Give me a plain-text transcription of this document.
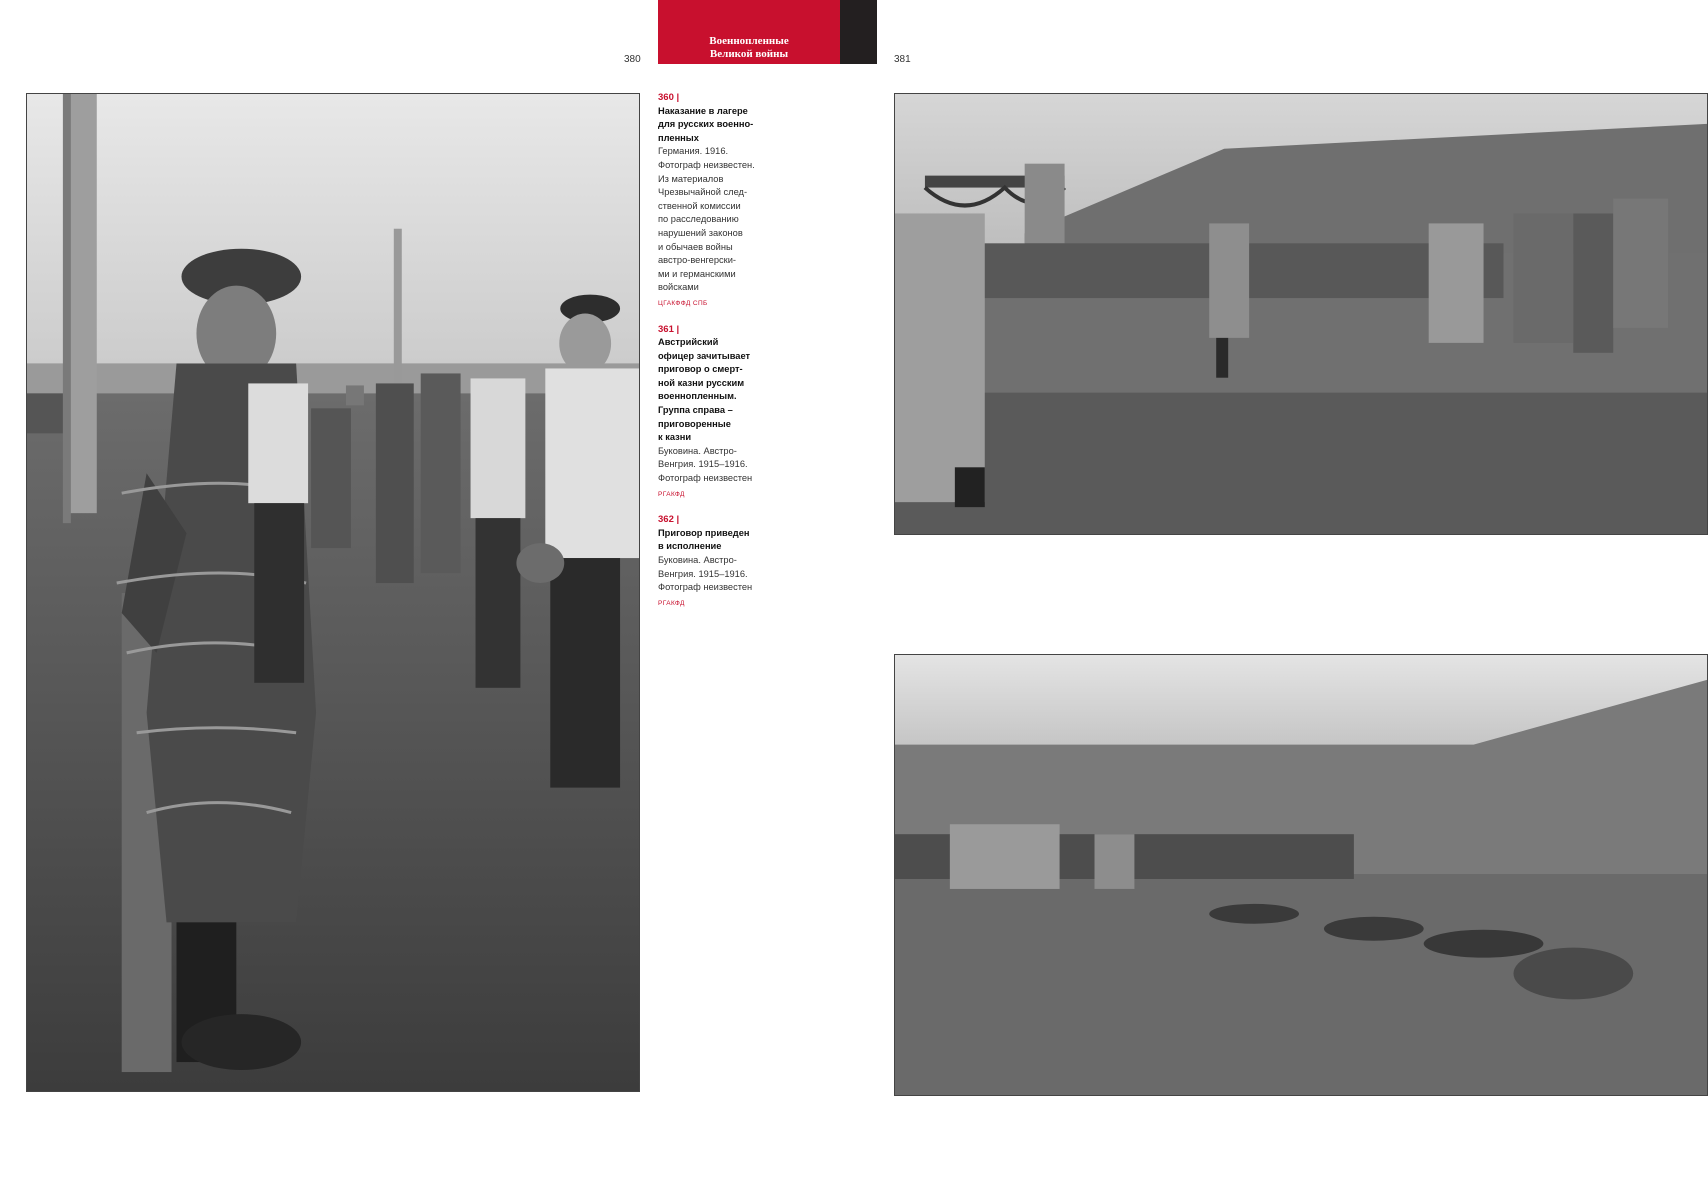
Военнопленные
Великой войны
380	381
360 |
Наказание в лагере
для русских военно-
пленных
Германия. 1916.
Фотограф неизвестен.
Из материалов
Чрезвычайной след-
ственной комиссии
по расследованию
нарушений законов
и обычаев войны
австро-венгерски-
ми и германскими
войсками
ЦГАКФФД СПБ
361 |
Австрийский
офицер зачитывает
приговор о смерт-
ной казни русским
военнопленным.
Группа справа –
приговоренные
к казни
Буковина. Австро-
Венгрия. 1915–1916.
Фотограф неизвестен
РГАКФД
362 |
Приговор приведен
в исполнение
Буковина. Австро-
Венгрия. 1915–1916.
Фотограф неизвестен
РГАКФД
